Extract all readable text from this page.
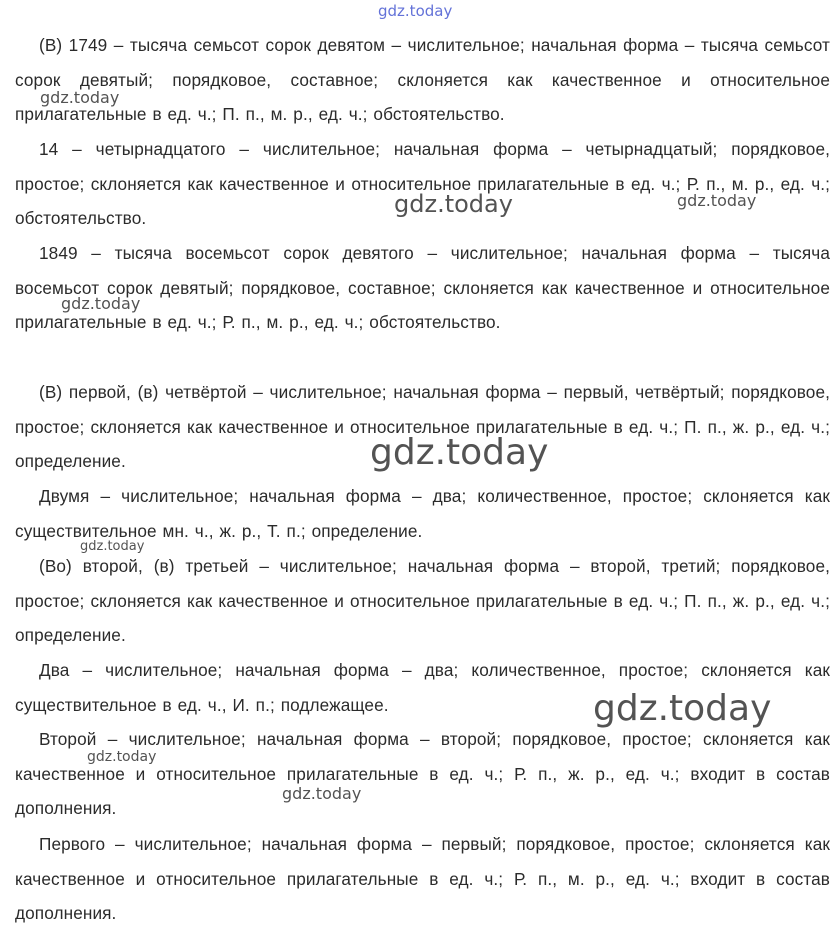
(В) 1749 – тысяча семьсот сорок девятом – числительное; начальная форма – тысяча семьсот сорок девятый; порядковое, составное; склоняется как качественное и относительное прилагательные в ед. ч.; П. п., м. р., ед. ч.; обстоятельство.

14 – четырнадцатого – числительное; начальная форма – четырнадцатый; порядковое, простое; склоняется как качественное и относительное прилагательные в ед. ч.; Р. п., м. р., ед. ч.; обстоятельство.

1849 – тысяча восемьсот сорок девятого – числительное; начальная форма – тысяча восемьсот сорок девятый; порядковое, составное; склоняется как качественное и относительное прилагательные в ед. ч.; Р. п., м. р., ед. ч.; обстоятельство.

(В) первой, (в) четвёртой – числительное; начальная форма – первый, четвёртый; порядковое, простое; склоняется как качественное и относительное прилагательные в ед. ч.; П. п., ж. р., ед. ч.; определение.

Двумя – числительное; начальная форма – два; количественное, простое; склоняется как существительное мн. ч., ж. р., Т. п.; определение.

(Во) второй, (в) третьей – числительное; начальная форма – второй, третий; порядковое, простое; склоняется как качественное и относительное прилагательные в ед. ч.; П. п., ж. р., ед. ч.; определение.

Два – числительное; начальная форма – два; количественное, простое; склоняется как существительное в ед. ч., И. п.; подлежащее.

Второй – числительное; начальная форма – второй; порядковое, простое; склоняется как качественное и относительное прилагательные в ед. ч.; Р. п., ж. р., ед. ч.; входит в состав дополнения.

Первого – числительное; начальная форма – первый; порядковое, простое; склоняется как качественное и относительное прилагательные в ед. ч.; Р. п., м. р., ед. ч.; входит в состав дополнения.

gdz.today
gdz.today
gdz.today	gdz.today
gdz.today
gdz.today
gdz.today
gdz.today
gdz.today
gdz.today
